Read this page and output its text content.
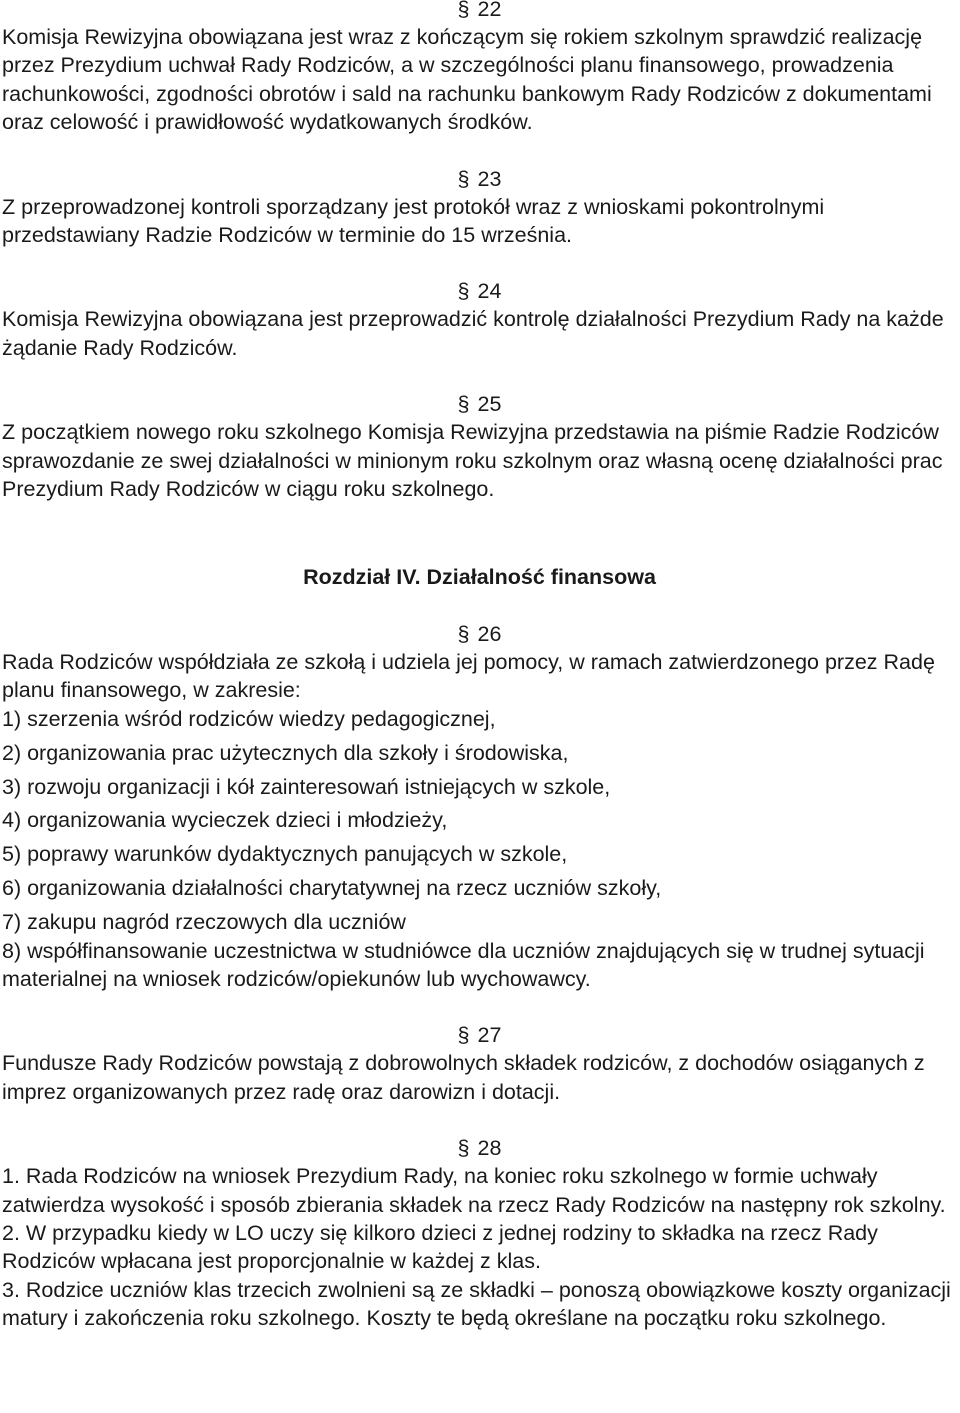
§ 22

Komisja Rewizyjna obowiązana jest wraz z kończącym się rokiem szkolnym sprawdzić realizację przez Prezydium uchwał Rady Rodziców, a w szczególności planu finansowego, prowadzenia rachunkowości, zgodności obrotów i sald na rachunku bankowym Rady Rodziców z dokumentami oraz celowość i prawidłowość wydatkowanych środków.

§ 23

Z przeprowadzonej kontroli sporządzany jest protokół wraz z wnioskami pokontrolnymi przedstawiany Radzie Rodziców w terminie do 15 września.

§ 24

Komisja Rewizyjna obowiązana jest przeprowadzić kontrolę działalności Prezydium Rady na każde żądanie Rady Rodziców.

§ 25

Z początkiem nowego roku szkolnego Komisja Rewizyjna przedstawia na piśmie Radzie Rodziców sprawozdanie ze swej działalności w minionym roku szkolnym oraz własną ocenę działalności prac Prezydium Rady Rodziców w ciągu roku szkolnego.

Rozdział IV. Działalność finansowa

§ 26

Rada Rodziców współdziała ze szkołą i udziela jej pomocy, w ramach zatwierdzonego przez Radę planu finansowego, w zakresie:

1) szerzenia wśród rodziców wiedzy pedagogicznej,

2) organizowania prac użytecznych dla szkoły i środowiska,

3) rozwoju organizacji i kół zainteresowań istniejących w szkole,

4) organizowania wycieczek dzieci i młodzieży,

5) poprawy warunków dydaktycznych panujących w szkole,

6) organizowania działalności charytatywnej na rzecz uczniów szkoły,

7) zakupu nagród rzeczowych dla uczniów

8) współfinansowanie uczestnictwa w studniówce dla uczniów znajdujących się w trudnej sytuacji materialnej na wniosek rodziców/opiekunów lub wychowawcy.

§ 27

Fundusze Rady Rodziców powstają z dobrowolnych składek rodziców, z dochodów osiąganych z imprez organizowanych przez radę oraz darowizn i dotacji.

§ 28

1. Rada Rodziców na wniosek Prezydium Rady, na koniec roku szkolnego w formie uchwały zatwierdza wysokość i sposób zbierania składek na rzecz Rady Rodziców na następny rok szkolny.

2. W przypadku kiedy w LO uczy się kilkoro dzieci z jednej rodziny to składka na rzecz Rady Rodziców wpłacana jest proporcjonalnie w każdej z klas.

3. Rodzice uczniów klas trzecich zwolnieni są ze składki – ponoszą obowiązkowe koszty organizacji matury i zakończenia roku szkolnego. Koszty te będą określane na początku roku szkolnego.
